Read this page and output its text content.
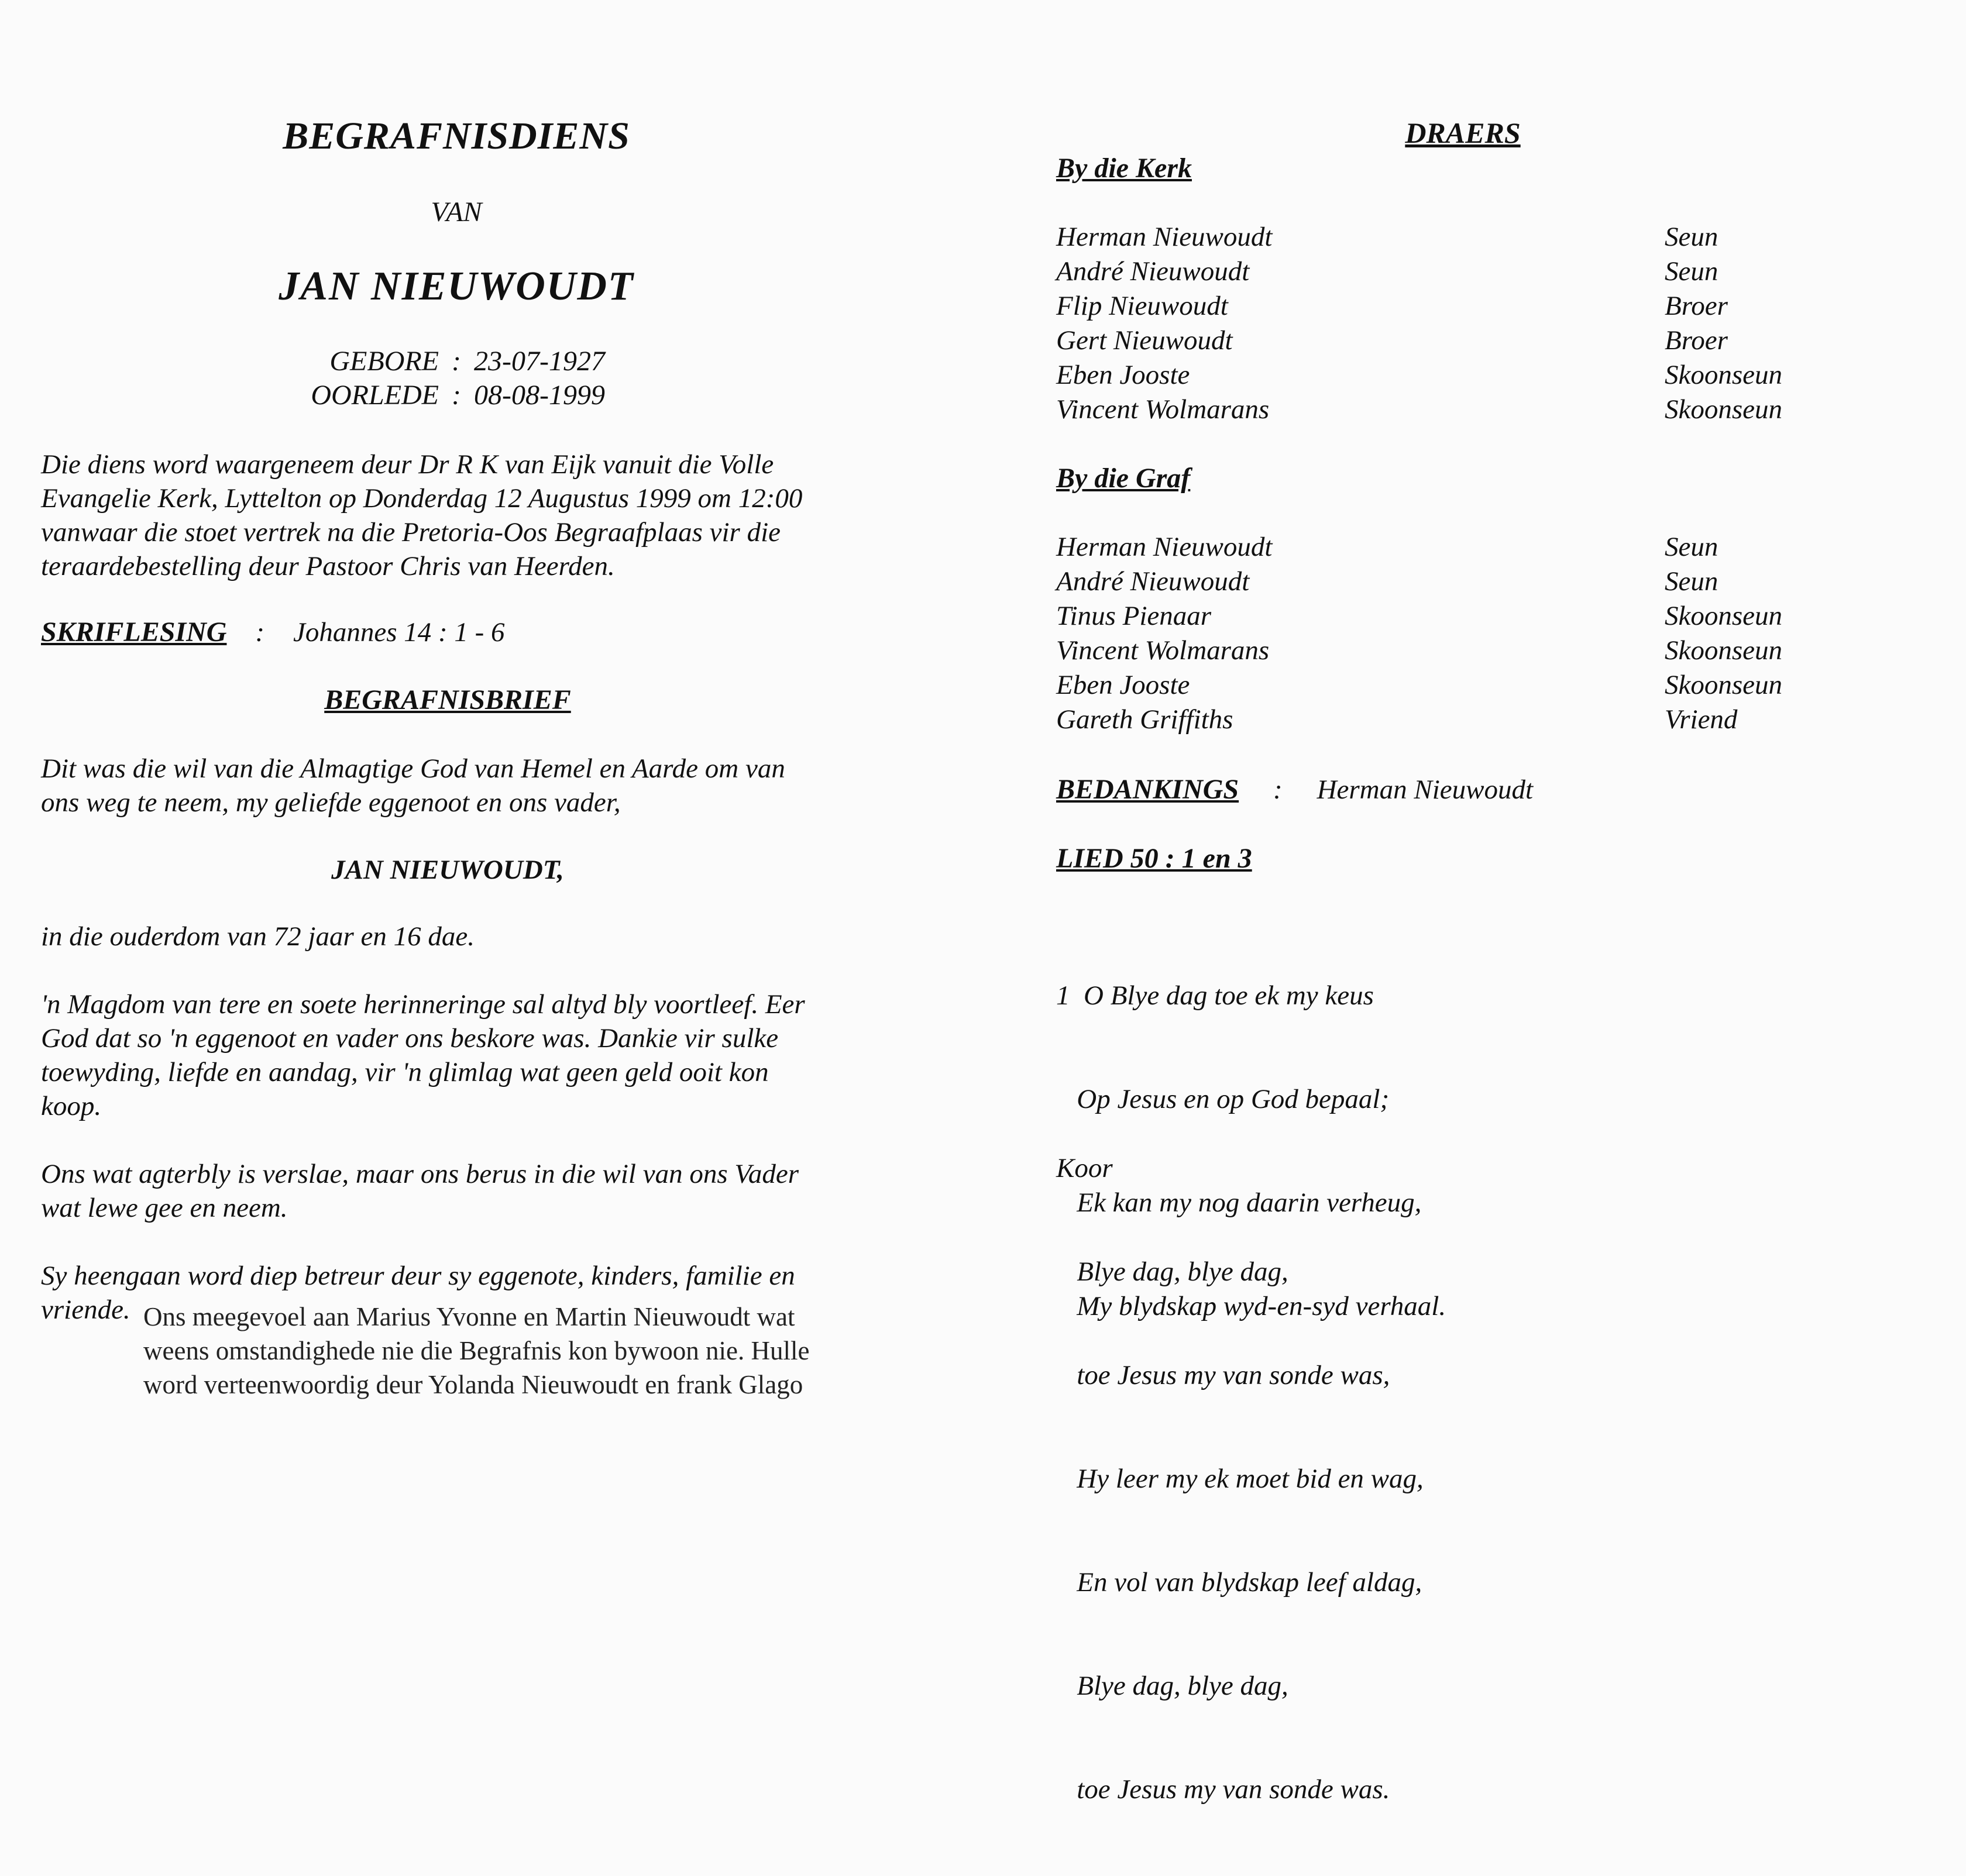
BEGRAFNISDIENS
VAN
JAN NIEUWOUDT
GEBORE : 23-07-1927
OORLEDE : 08-08-1999
Die diens word waargeneem deur Dr R K van Eijk vanuit die Volle
Evangelie Kerk, Lyttelton op Donderdag 12 Augustus 1999 om 12:00
vanwaar die stoet vertrek na die Pretoria-Oos Begraafplaas vir die
teraardebestelling deur Pastoor Chris van Heerden.
SKRIFLESING : Johannes 14 : 1 - 6
BEGRAFNISBRIEF
Dit was die wil van die Almagtige God van Hemel en Aarde om van
ons weg te neem, my geliefde eggenoot en ons vader,
JAN NIEUWOUDT,
in die ouderdom van 72 jaar en 16 dae.
'n Magdom van tere en soete herinneringe sal altyd bly voortleef. Eer
God dat so 'n eggenoot en vader ons beskore was. Dankie vir sulke
toewyding, liefde en aandag, vir 'n glimlag wat geen geld ooit kon
koop.
Ons wat agterbly is verslae, maar ons berus in die wil van ons Vader
wat lewe gee en neem.
Sy heengaan word diep betreur deur sy eggenote, kinders, familie en
vriende. Ons meegevoel aan Marius Yvonne en Martin Nieuwoudt wat
weens omstandighede nie die Begrafnis kon bywoon nie. Hulle
word verteenwoordig deur Yolanda Nieuwoudt en frank Glago
DRAERS
By die Kerk
Herman Nieuwoudt	Seun
André Nieuwoudt	Seun
Flip Nieuwoudt	Broer
Gert Nieuwoudt	Broer
Eben Jooste	Skoonseun
Vincent Wolmarans	Skoonseun
By die Graf
Herman Nieuwoudt	Seun
André Nieuwoudt	Seun
Tinus Pienaar	Skoonseun
Vincent Wolmarans	Skoonseun
Eben Jooste	Skoonseun
Gareth Griffiths	Vriend
BEDANKINGS : Herman Nieuwoudt
LIED 50 : 1 en 3

1  O Blye dag toe ek my keus

Op Jesus en op God bepaal;

Ek kan my nog daarin verheug,

My blydskap wyd-en-syd verhaal.

Koor

Blye dag, blye dag,

toe Jesus my van sonde was,

Hy leer my ek moet bid en wag,

En vol van blydskap leef aldag,

Blye dag, blye dag,

toe Jesus my van sonde was.
